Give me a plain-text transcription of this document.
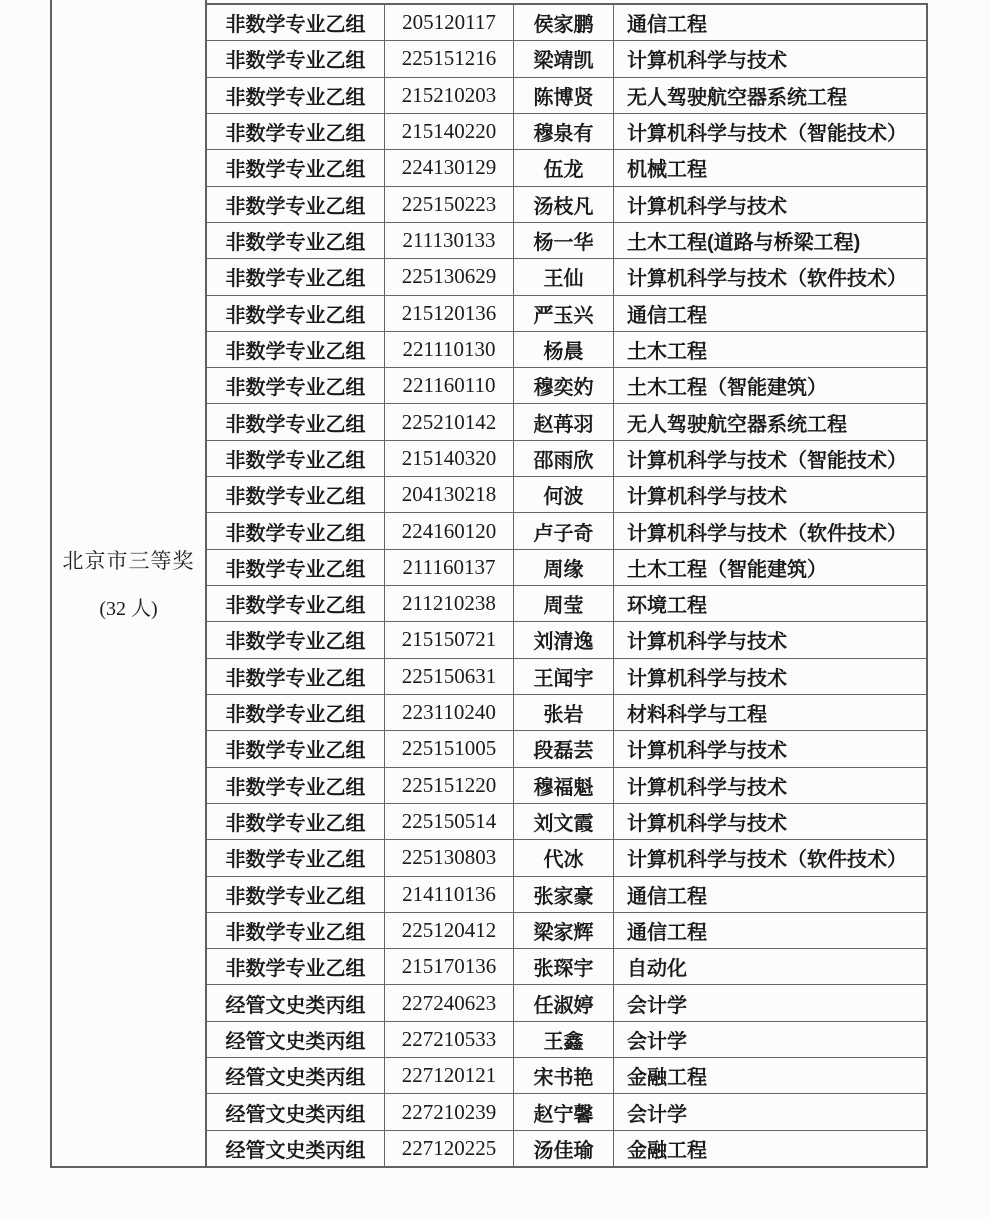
北京市三等奖
(32 人)
非数学专业乙组	205120117	侯家鹏	通信工程
非数学专业乙组	225151216	梁靖凯	计算机科学与技术
非数学专业乙组	215210203	陈博贤	无人驾驶航空器系统工程
非数学专业乙组	215140220	穆泉有	计算机科学与技术（智能技术）
非数学专业乙组	224130129	伍龙	机械工程
非数学专业乙组	225150223	汤枝凡	计算机科学与技术
非数学专业乙组	211130133	杨一华	土木工程(道路与桥梁工程)
非数学专业乙组	225130629	王仙	计算机科学与技术（软件技术）
非数学专业乙组	215120136	严玉兴	通信工程
非数学专业乙组	221110130	杨晨	土木工程
非数学专业乙组	221160110	穆奕妁	土木工程（智能建筑）
非数学专业乙组	225210142	赵苒羽	无人驾驶航空器系统工程
非数学专业乙组	215140320	邵雨欣	计算机科学与技术（智能技术）
非数学专业乙组	204130218	何波	计算机科学与技术
非数学专业乙组	224160120	卢子奇	计算机科学与技术（软件技术）
非数学专业乙组	211160137	周缘	土木工程（智能建筑）
非数学专业乙组	211210238	周莹	环境工程
非数学专业乙组	215150721	刘清逸	计算机科学与技术
非数学专业乙组	225150631	王闻宇	计算机科学与技术
非数学专业乙组	223110240	张岩	材料科学与工程
非数学专业乙组	225151005	段磊芸	计算机科学与技术
非数学专业乙组	225151220	穆福魁	计算机科学与技术
非数学专业乙组	225150514	刘文霞	计算机科学与技术
非数学专业乙组	225130803	代冰	计算机科学与技术（软件技术）
非数学专业乙组	214110136	张家豪	通信工程
非数学专业乙组	225120412	梁家辉	通信工程
非数学专业乙组	215170136	张琛宇	自动化
经管文史类丙组	227240623	任淑婷	会计学
经管文史类丙组	227210533	王鑫	会计学
经管文史类丙组	227120121	宋书艳	金融工程
经管文史类丙组	227210239	赵宁馨	会计学
经管文史类丙组	227120225	汤佳瑜	金融工程
